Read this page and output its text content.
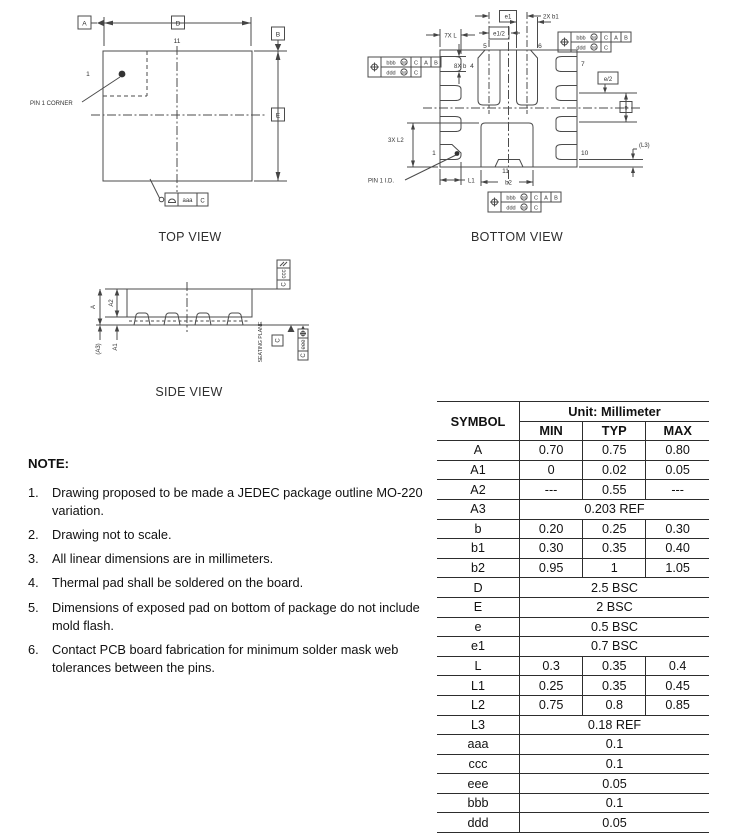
A	D
B
E
11
1
PIN 1 CORNER
aaa C
TOP VIEW
bbb	M	C	A	B
ddd	M	C	e1
e1/2
7X L
2X b1
5	6
7
8X b 4
e/2
e
(L3)
10
3X L2
1
PIN 1 I.D.	L1
11
b2
BOTTOM VIEW
A
A2
(A3) A1
ccc
C
SEATING PLANE C	eee
C
SIDE VIEW
NOTE:
1.	Drawing proposed to be made a JEDEC package outline MO-220 variation.
2.	Drawing not to scale.
3.	All linear dimensions are in millimeters.
4.	Thermal pad shall be soldered on the board.
5.	Dimensions of exposed pad on bottom of package do not include mold flash.
6.	Contact PCB board fabrication for minimum solder mask web tolerances between the pins.
SYMBOL	Unit: Millimeter		
	MIN	TYP	MAX
A	0.70	0.75	0.80
A1	0	0.02	0.05
A2	---	0.55	---
A3	0.203 REF		
b	0.20	0.25	0.30
b1	0.30	0.35	0.40
b2	0.95	1	1.05
D	2.5 BSC		
E	2 BSC		
e	0.5 BSC		
e1	0.7 BSC		
L	0.3	0.35	0.4
L1	0.25	0.35	0.45
L2	0.75	0.8	0.85
L3	0.18 REF		
aaa	0.1		
ccc	0.1		
eee	0.05		
bbb	0.1		
ddd	0.05		
